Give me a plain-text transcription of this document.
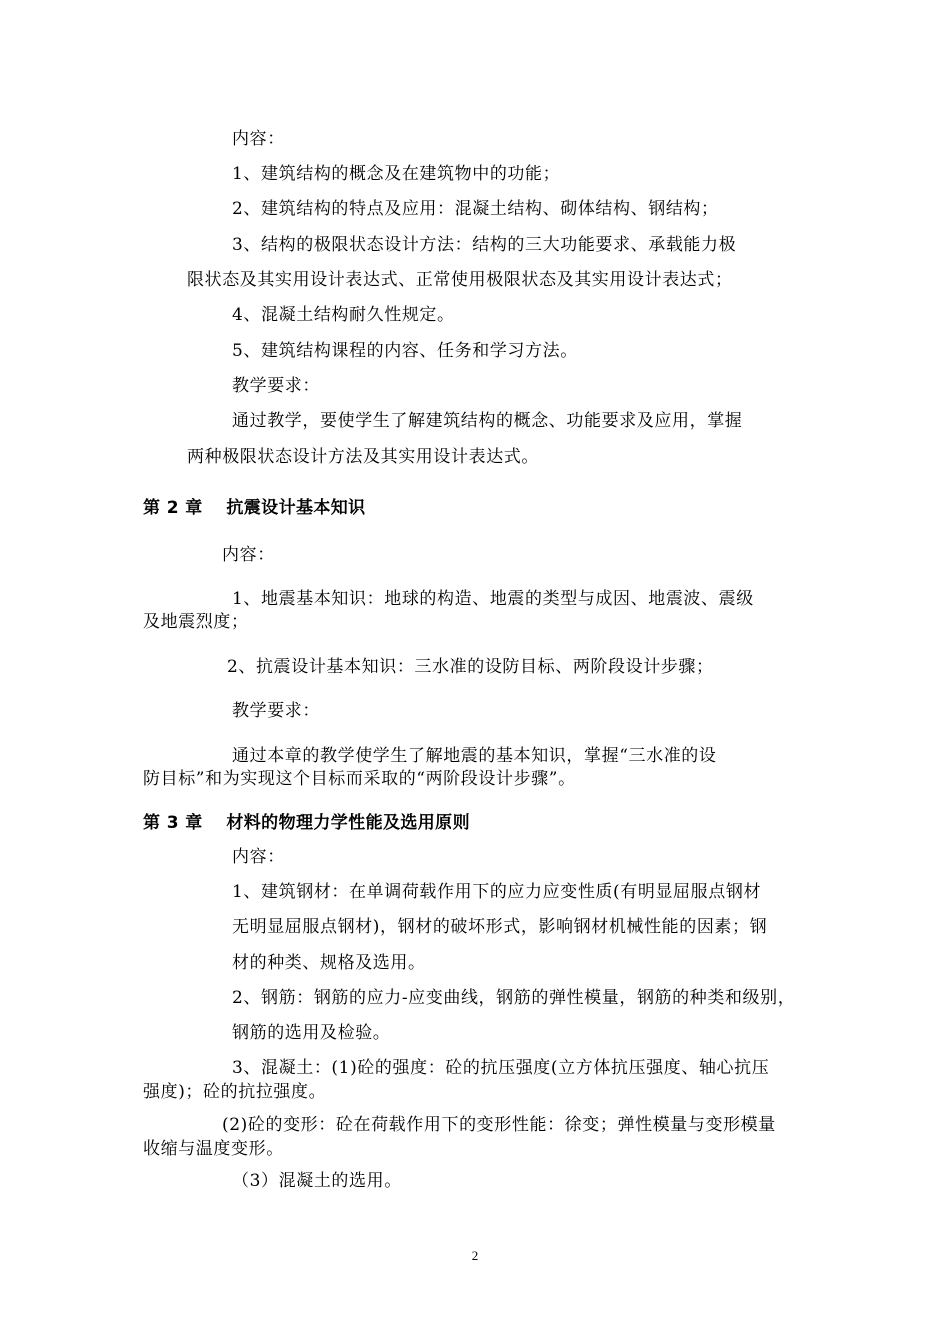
内容：
1、建筑结构的概念及在建筑物中的功能；
2、建筑结构的特点及应用：混凝土结构、砌体结构、钢结构；
3、结构的极限状态设计方法：结构的三大功能要求、承载能力极
限状态及其实用设计表达式、正常使用极限状态及其实用设计表达式；
4、混凝土结构耐久性规定。
5、建筑结构课程的内容、任务和学习方法。
教学要求：
通过教学，要使学生了解建筑结构的概念、功能要求及应用，掌握
两种极限状态设计方法及其实用设计表达式。
第 2 章　 抗震设计基本知识
内容：
1、地震基本知识：地球的构造、地震的类型与成因、地震波、震级
及地震烈度；
2、抗震设计基本知识：三水准的设防目标、两阶段设计步骤；
教学要求：
通过本章的教学使学生了解地震的基本知识，掌握“三水准的设
防目标”和为实现这个目标而采取的“两阶段设计步骤”。
第 3 章　 材料的物理力学性能及选用原则
内容：
1、建筑钢材：在单调荷载作用下的应力应变性质(有明显屈服点钢材
无明显屈服点钢材)，钢材的破坏形式，影响钢材机械性能的因素；钢
材的种类、规格及选用。
2、钢筋：钢筋的应力-应变曲线，钢筋的弹性模量，钢筋的种类和级别，
钢筋的选用及检验。
3、混凝土：(1)砼的强度：砼的抗压强度(立方体抗压强度、轴心抗压
强度)；砼的抗拉强度。
(2)砼的变形：砼在荷载作用下的变形性能：徐变；弹性模量与变形模量
收缩与温度变形。
（3）混凝土的选用。
2
